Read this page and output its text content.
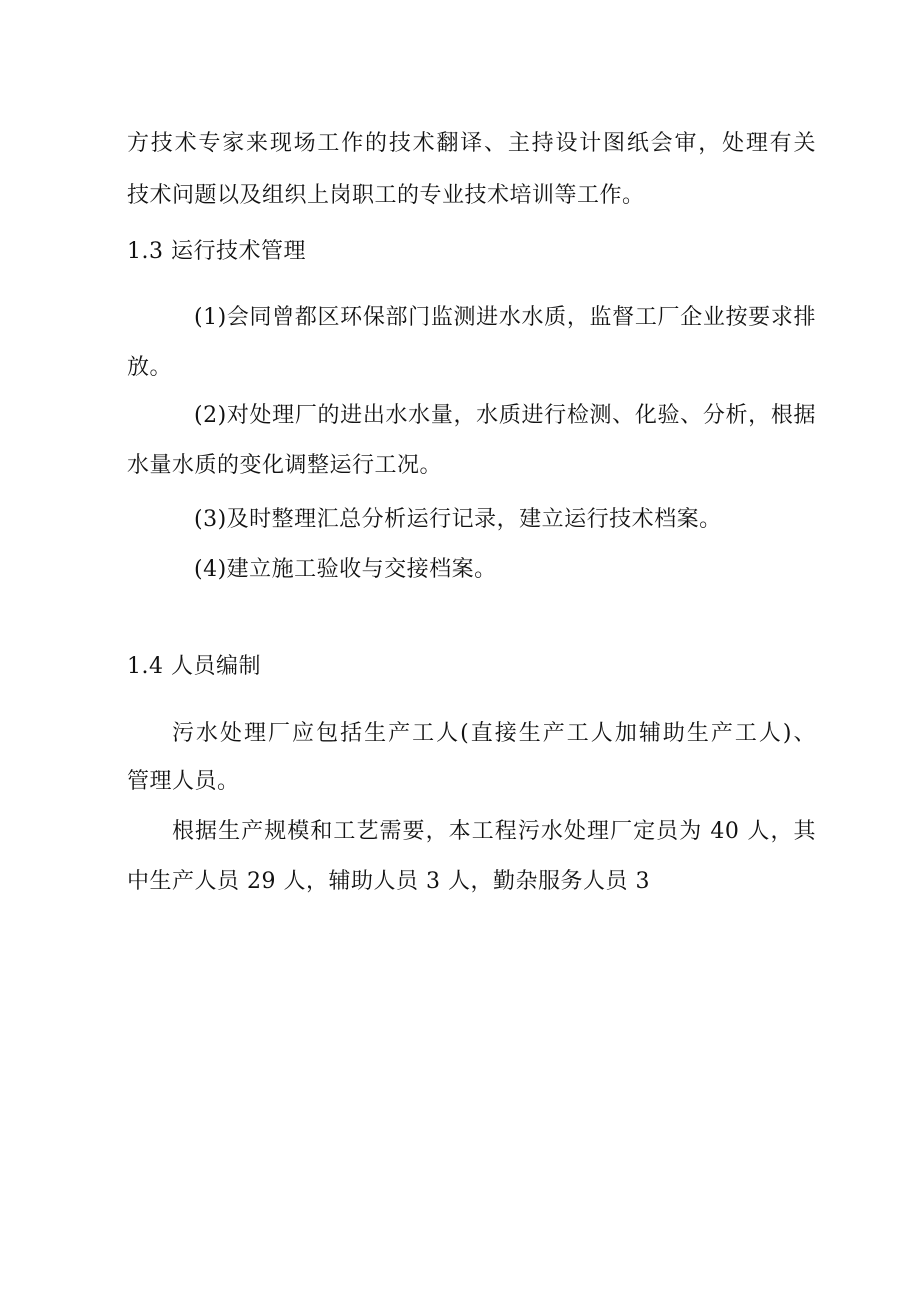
方技术专家来现场工作的技术翻译、主持设计图纸会审，处理有关
技术问题以及组织上岗职工的专业技术培训等工作。
1.3 运行技术管理
(1)会同曾都区环保部门监测进水水质，监督工厂企业按要求排
放。
(2)对处理厂的进出水水量，水质进行检测、化验、分析，根据
水量水质的变化调整运行工况。
(3)及时整理汇总分析运行记录，建立运行技术档案。
(4)建立施工验收与交接档案。
1.4 人员编制
污水处理厂应包括生产工人(直接生产工人加辅助生产工人)、
管理人员。
根据生产规模和工艺需要，本工程污水处理厂定员为 40 人，其
中生产人员 29 人，辅助人员 3 人，勤杂服务人员 3
